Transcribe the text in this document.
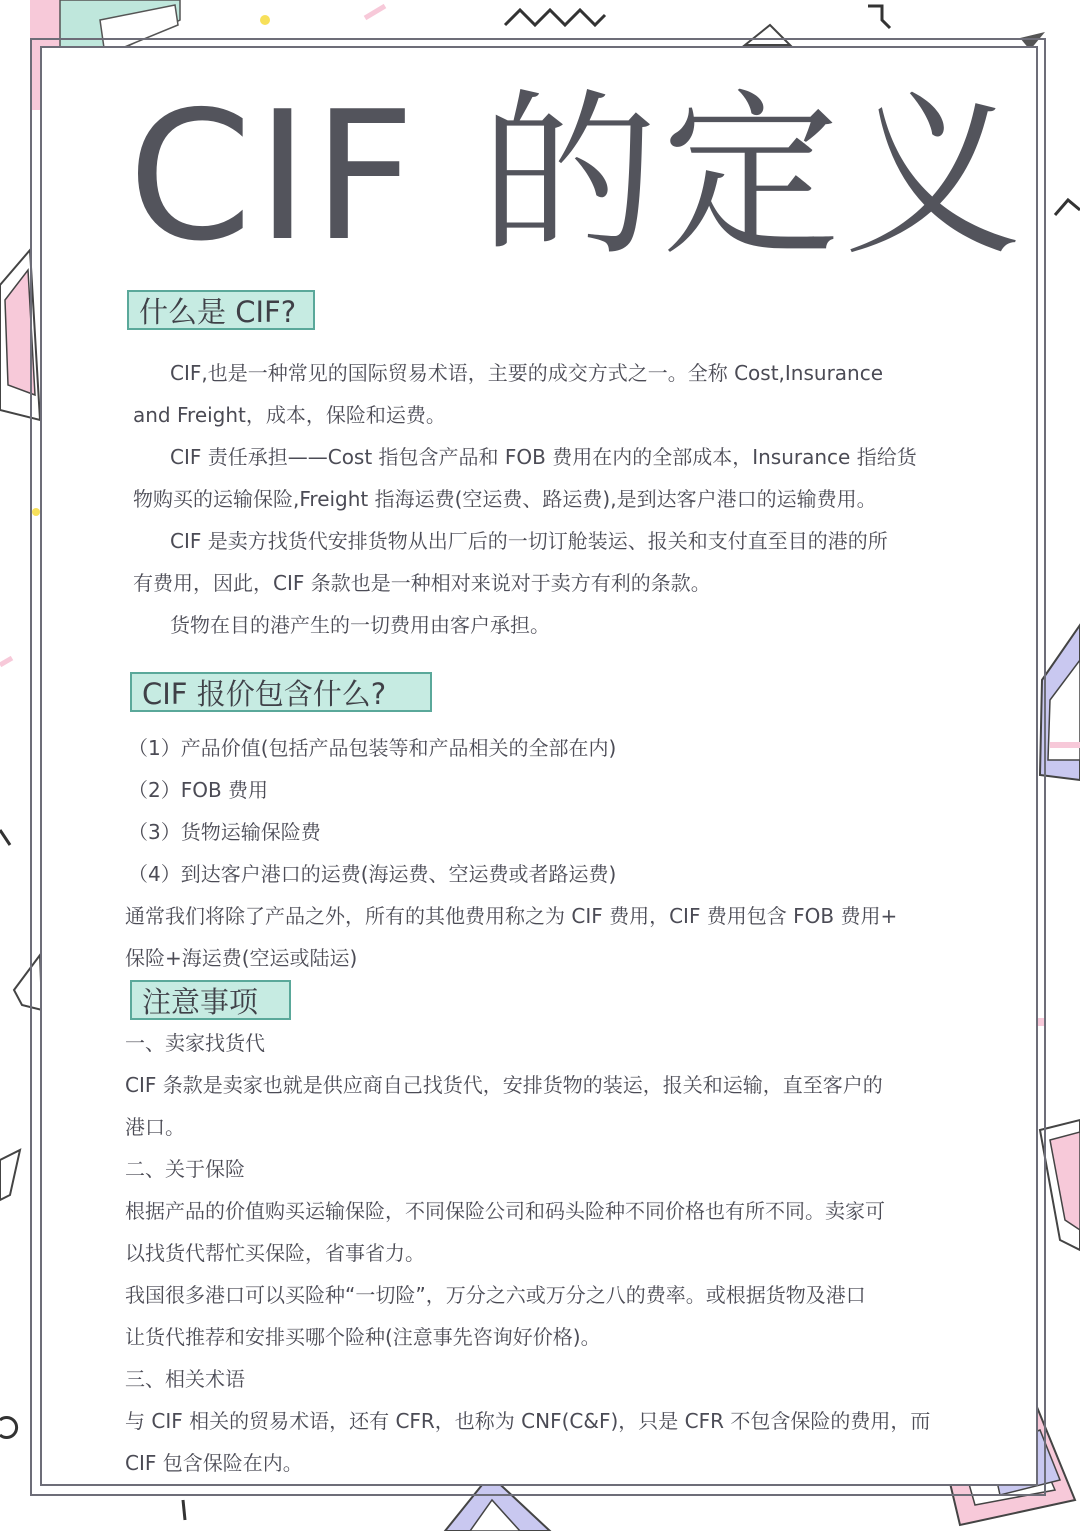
CIF 的定义
什么是 CIF?
CIF,也是一种常见的国际贸易术语，主要的成交方式之一。全称 Cost,Insurance
and Freight，成本，保险和运费。
CIF 责任承担——Cost 指包含产品和 FOB 费用在内的全部成本，Insurance 指给货
物购买的运输保险,Freight 指海运费(空运费、路运费),是到达客户港口的运输费用。
CIF 是卖方找货代安排货物从出厂后的一切订舱装运、报关和支付直至目的港的所
有费用，因此，CIF 条款也是一种相对来说对于卖方有利的条款。
货物在目的港产生的一切费用由客户承担。
CIF 报价包含什么?
（1）产品价值(包括产品包装等和产品相关的全部在内)
（2）FOB 费用
（3）货物运输保险费
（4）到达客户港口的运费(海运费、空运费或者路运费)
通常我们将除了产品之外，所有的其他费用称之为 CIF 费用，CIF 费用包含 FOB 费用+
保险+海运费(空运或陆运)
注意事项
一、卖家找货代
CIF 条款是卖家也就是供应商自己找货代，安排货物的装运，报关和运输，直至客户的
港口。
二、关于保险
根据产品的价值购买运输保险，不同保险公司和码头险种不同价格也有所不同。卖家可
以找货代帮忙买保险，省事省力。
我国很多港口可以买险种“一切险”，万分之六或万分之八的费率。或根据货物及港口
让货代推荐和安排买哪个险种(注意事先咨询好价格)。
三、相关术语
与 CIF 相关的贸易术语，还有 CFR，也称为 CNF(C&F)，只是 CFR 不包含保险的费用，而
CIF 包含保险在内。
